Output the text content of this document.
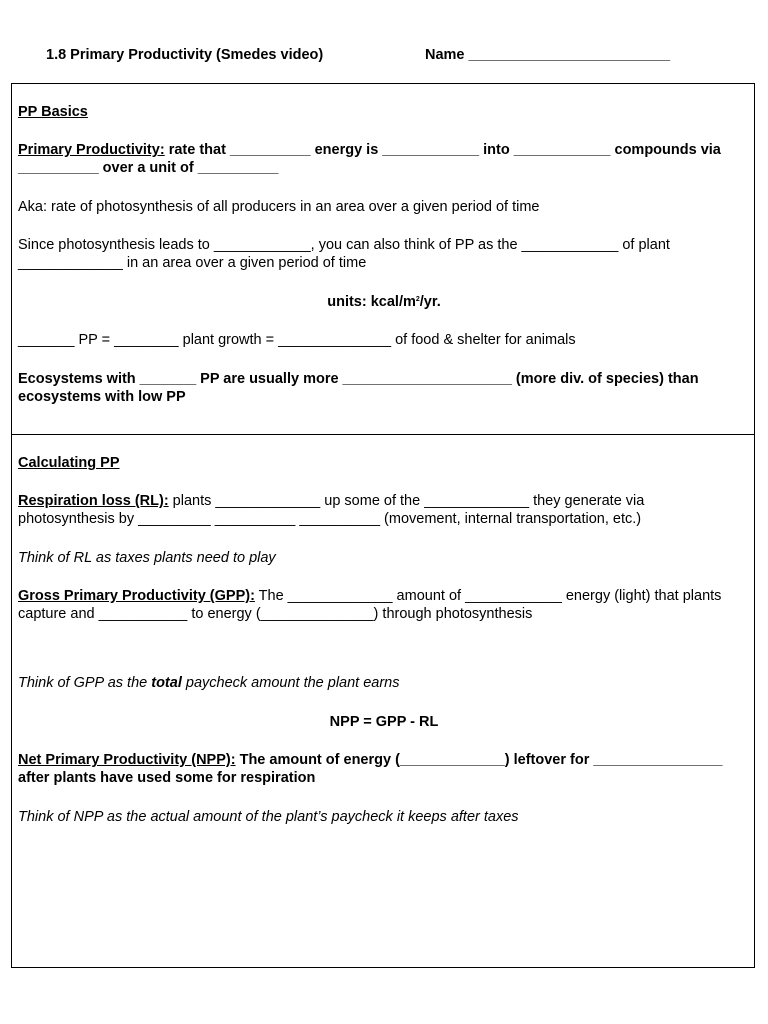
1.8 Primary Productivity (Smedes video)	Name _________________________
PP Basics
Primary Productivity: rate that __________ energy is ____________ into ____________ compounds via
__________ over a unit of __________
Aka: rate of photosynthesis of all producers in an area over a given period of time
Since photosynthesis leads to ____________, you can also think of PP as the ____________ of plant
_____________ in an area over a given period of time
units: kcal/$m^2/yr$.
_______ PP = ________ plant growth = ______________ of food & shelter for animals
Ecosystems with _______ PP are usually more _____________________ (more div. of species) than
ecosystems with low PP
Calculating PP
Respiration loss (RL): plants _____________ up some of the _____________ they generate via
photosynthesis by _________ __________ __________ (movement, internal transportation, etc.)
Think of RL as taxes plants need to play
Gross Primary Productivity (GPP): The _____________ amount of ____________ energy (light) that plants
capture and ___________ to energy (______________) through photosynthesis
Think of GPP as the total paycheck amount the plant earns
NPP = GPP - RL
Net Primary Productivity (NPP): The amount of energy (_____________) leftover for ________________
after plants have used some for respiration
Think of NPP as the actual amount of the plant’s paycheck it keeps after taxes
